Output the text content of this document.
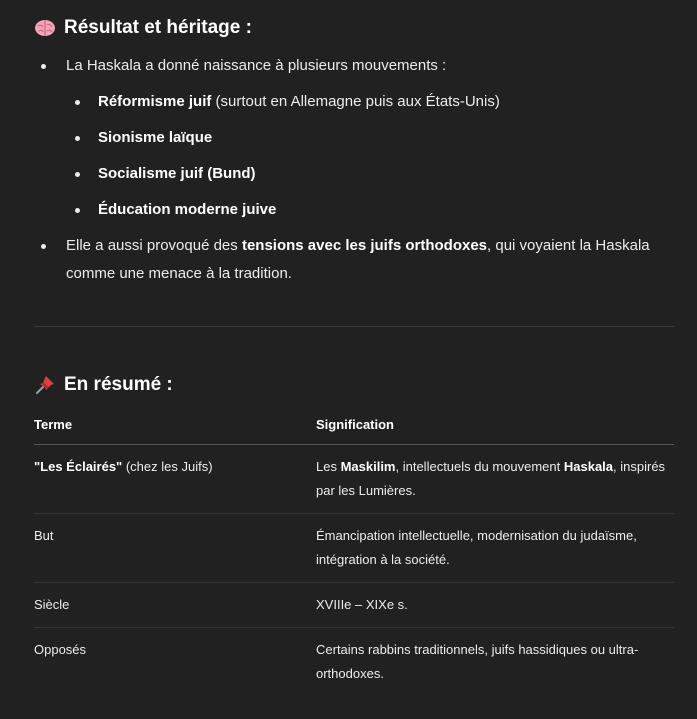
Résultat et héritage :
La Haskala a donné naissance à plusieurs mouvements :
Réformisme juif (surtout en Allemagne puis aux États-Unis)
Sionisme laïque
Socialisme juif (Bund)
Éducation moderne juive
Elle a aussi provoqué des tensions avec les juifs orthodoxes, qui voyaient la Haskala comme une menace à la tradition.
En résumé :
Terme	Signification
"Les Éclairés" (chez les Juifs)	Les Maskilim, intellectuels du mouvement Haskala, inspirés par les Lumières.
But	Émancipation intellectuelle, modernisation du judaïsme, intégration à la société.
Siècle	XVIIIe – XIXe s.
Opposés	Certains rabbins traditionnels, juifs hassidiques ou ultra-orthodoxes.
